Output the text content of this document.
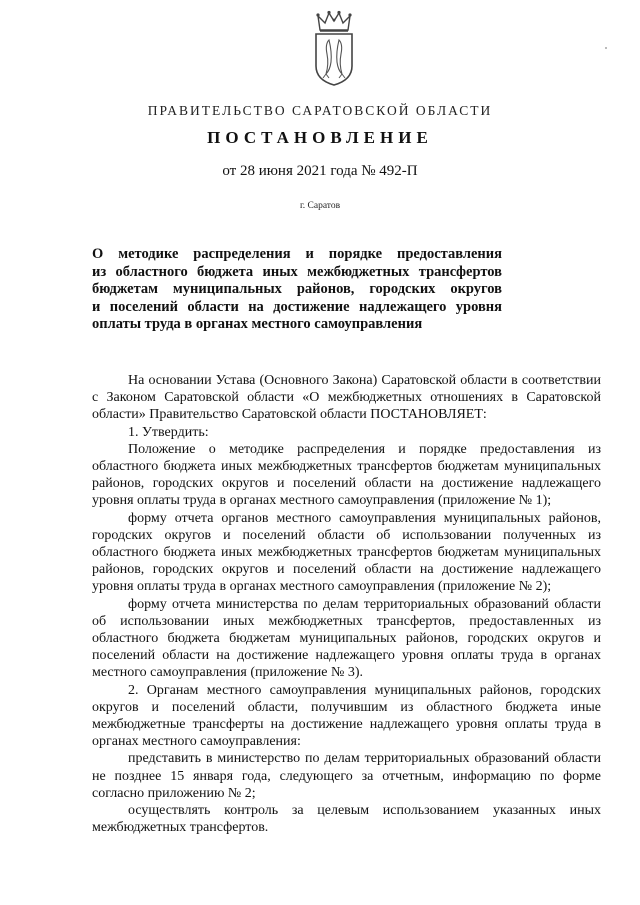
ПРАВИТЕЛЬСТВО САРАТОВСКОЙ ОБЛАСТИ
ПОСТАНОВЛЕНИЕ
от 28 июня 2021 года № 492-П
г. Саратов
О методике распределения и порядке предоставления
из областного бюджета иных межбюджетных трансфертов
бюджетам муниципальных районов, городских округов
и поселений области на достижение надлежащего уровня
оплаты труда в органах местного самоуправления

На основании Устава (Основного Закона) Саратовской области в соответствии с Законом Саратовской области «О межбюджетных отношениях в Саратовской области» Правительство Саратовской области ПОСТАНОВЛЯЕТ:

1. Утвердить:

Положение о методике распределения и порядке предоставления из областного бюджета иных межбюджетных трансфертов бюджетам муниципальных районов, городских округов и поселений области на достижение надлежащего уровня оплаты труда в органах местного самоуправления (приложение № 1);

форму отчета органов местного самоуправления муниципальных районов, городских округов и поселений области об использовании полученных из областного бюджета иных межбюджетных трансфертов бюджетам муниципальных районов, городских округов и поселений области на достижение надлежащего уровня оплаты труда в органах местного самоуправления (приложение № 2);

форму отчета министерства по делам территориальных образований области об использовании иных межбюджетных трансфертов, предоставленных из областного бюджета бюджетам муниципальных районов, городских округов и поселений области на достижение надлежащего уровня оплаты труда в органах местного самоуправления (приложение № 3).

2. Органам местного самоуправления муниципальных районов, городских округов и поселений области, получившим из областного бюджета иные межбюджетные трансферты на достижение надлежащего уровня оплаты труда в органах местного самоуправления:

представить в министерство по делам территориальных образований области не позднее 15 января года, следующего за отчетным, информацию по форме согласно приложению № 2;

осуществлять контроль за целевым использованием указанных иных межбюджетных трансфертов.
